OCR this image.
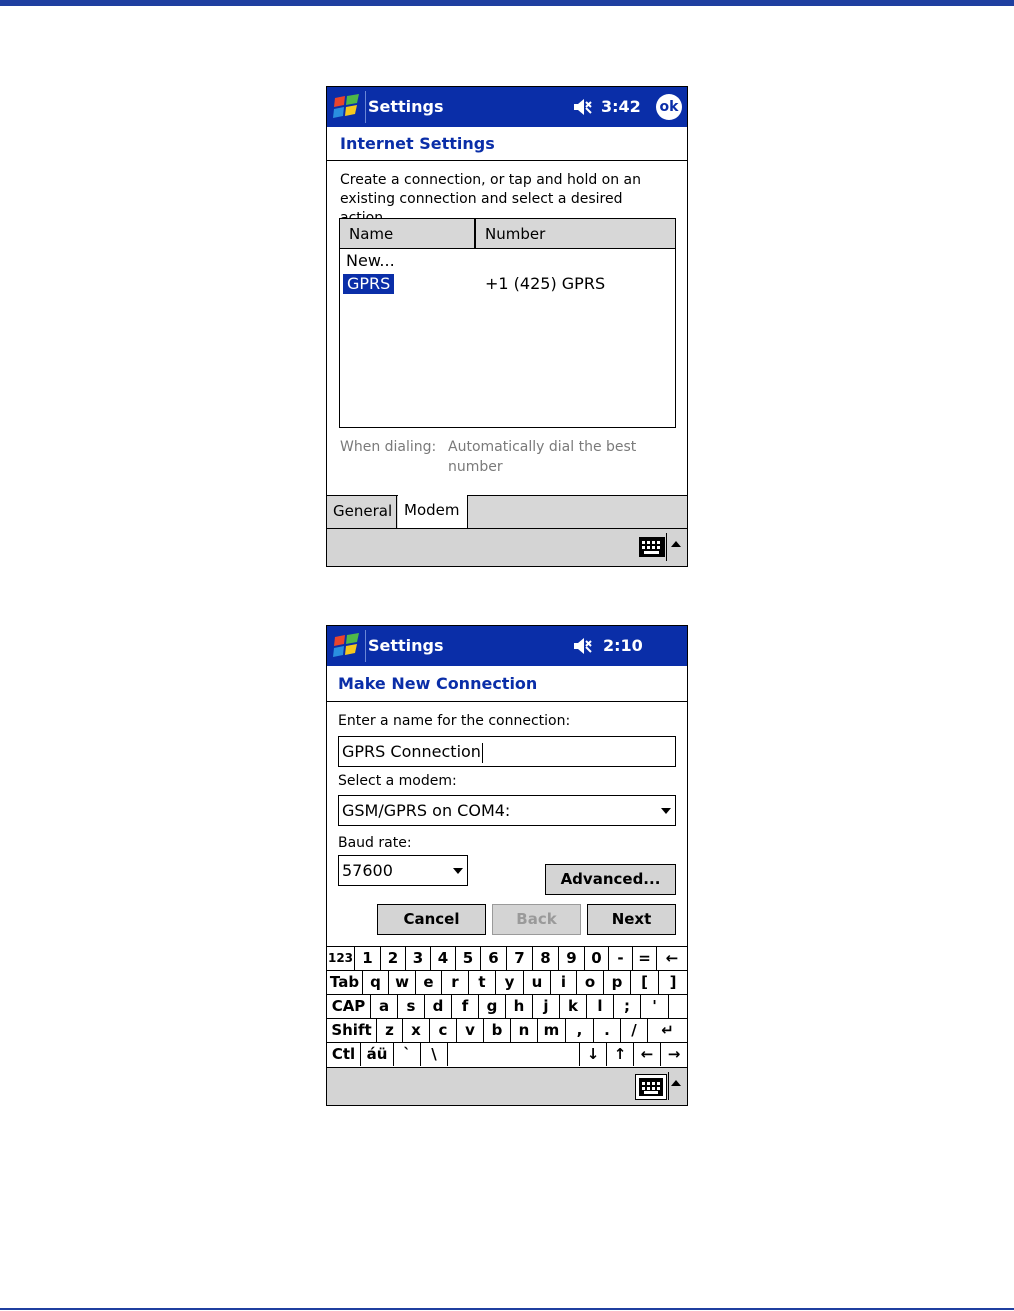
Settings	3:42 ok
Internet Settings
Create a connection, or tap and hold on an
existing connection and select a desired
Name	Number
New...
GPRS	+1 (425) GPRS
When dialing: Automatically dial the best
number
General Modem
Settings	2:10
Make New Connection
Enter a name for the connection:
GPRS Connection
Select a modem:
GSM/GPRS on COM4:
Baud rate:
57600	Advanced...
Cancel	Back	Next
123 1	2 3 4 5	6	7	8	9 0	- = ←
Tab q w e	r	t	y	u	i	o	p	[	]
CAP a	s	d	f	g	h	j	k	l	;	'
Shift z	x	c	v	b	n m	,	.	/	↵
Ctl áü	`	\	↓ ↑ ← →
